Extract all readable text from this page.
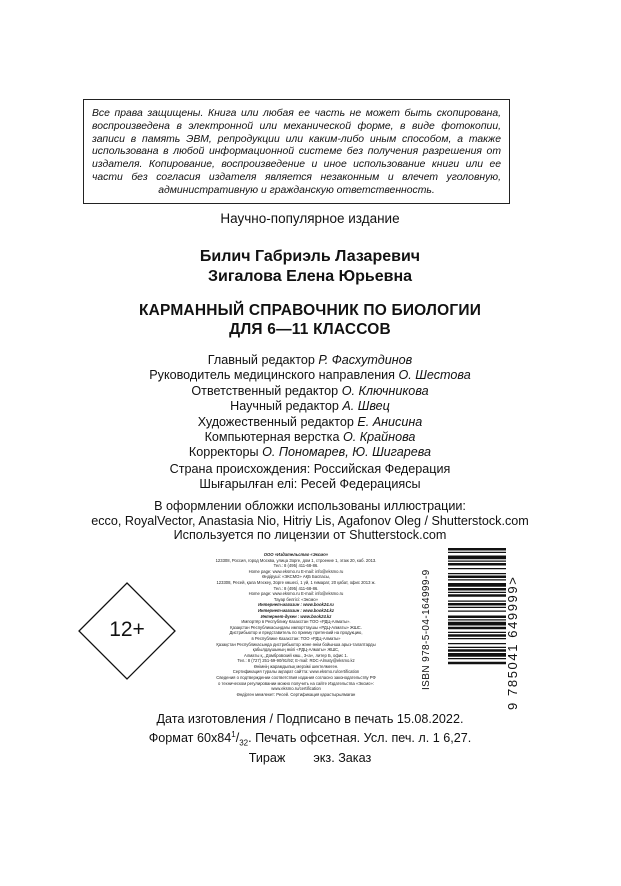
Все права защищены. Книга или любая ее часть не может быть скопирована, воспроизведена в электронной или механической форме, в виде фотокопии, записи в память ЭВМ, репродукции или каким-либо иным способом, а также использована в любой информационной системе без получения разрешения от издателя. Копирование, воспроизведение и иное использование книги или ее части без согласия издателя является незаконным и влечет уголовную, административную и гражданскую ответственность.

Научно-популярное издание
Билич Габриэль Лазаревич
Зигалова Елена Юрьевна
КАРМАННЫЙ СПРАВОЧНИК ПО БИОЛОГИИ
ДЛЯ 6—11 КЛАССОВ
Главный редактор Р. Фасхутдинов
Руководитель медицинского направления О. Шестова
Ответственный редактор О. Ключникова
Научный редактор А. Швец
Художественный редактор Е. Анисина
Компьютерная верстка О. Крайнова
Корректоры О. Пономарев, Ю. Шигарева
Страна происхождения: Российская Федерация
Шығарылған елі: Ресей Федерациясы
В оформлении обложки использованы иллюстрации:
ecco, RoyalVector, Anastasia Nio, Hitriy Lis, Agafonov Oleg / Shutterstock.com
Используется по лицензии от Shutterstock.com
12+
ООО «Издательство «Эксмо»
123308, Россия, город Москва, улица Зорге, дом 1, строение 1, этаж 20, каб. 2013.
Тел.: 8 (495) 411-68-86.
Home page: www.eksmo.ru E-mail: info@eksmo.ru
Өндіруші: «ЭКСМО» АҚБ Баспасы,
123308, Ресей, қала Мәскеу, Зорге көшесі, 1 үй, 1 ғимарат, 20 қабат, офис 2013 ж.
Тел.: 8 (495) 411-68-86.
Home page: www.eksmo.ru E-mail: info@eksmo.ru
Тауар белгісі: «Эксмо»
Интернет-магазин : www.book24.ru
Интернет-магазин : www.book24.kz
Интернет-дүкен : www.book24.kz
Импортёр в Республику Казахстан ТОО «РДЦ-Алматы».
Қазақстан Республикасындағы импорттаушы «РДЦ-Алматы» ЖШС.
Дистрибьютор и представитель по приему претензий на продукцию,
в Республике Казахстан: ТОО «РДЦ-Алматы»
Қазақстан Республикасында дистрибьютор және өнім бойынша арыз-талаптарды
қабылдаушының өкілі «РДЦ-Алматы» ЖШС,
Алматы қ., Домбровский көш., 3«а», литер Б, офис 1.
Тел.: 8 (727) 251-59-90/91/92; E-mail: RDC-Almaty@eksmo.kz
Өнімнің жарамдылық мерзімі шектелмеген.
Сертификация туралы ақпарат сайтта: www.eksmo.ru/certification
Сведения о подтверждении соответствия издания согласно законодательству РФ
о техническом регулировании можно получить на сайте Издательства «Эксмо»:
www.eksmo.ru/certification
Өндірген мемлекет: Ресей. Сертификация қарастырылмаған
ISBN 978-5-04-164999-9	9 785041 649999>
Дата изготовления / Подписано в печать 15.08.2022.
Формат $60x84^1/_{32}$. Печать офсетная. Усл. печ. л. 1 6,27.
Тираж        экз. Заказ
